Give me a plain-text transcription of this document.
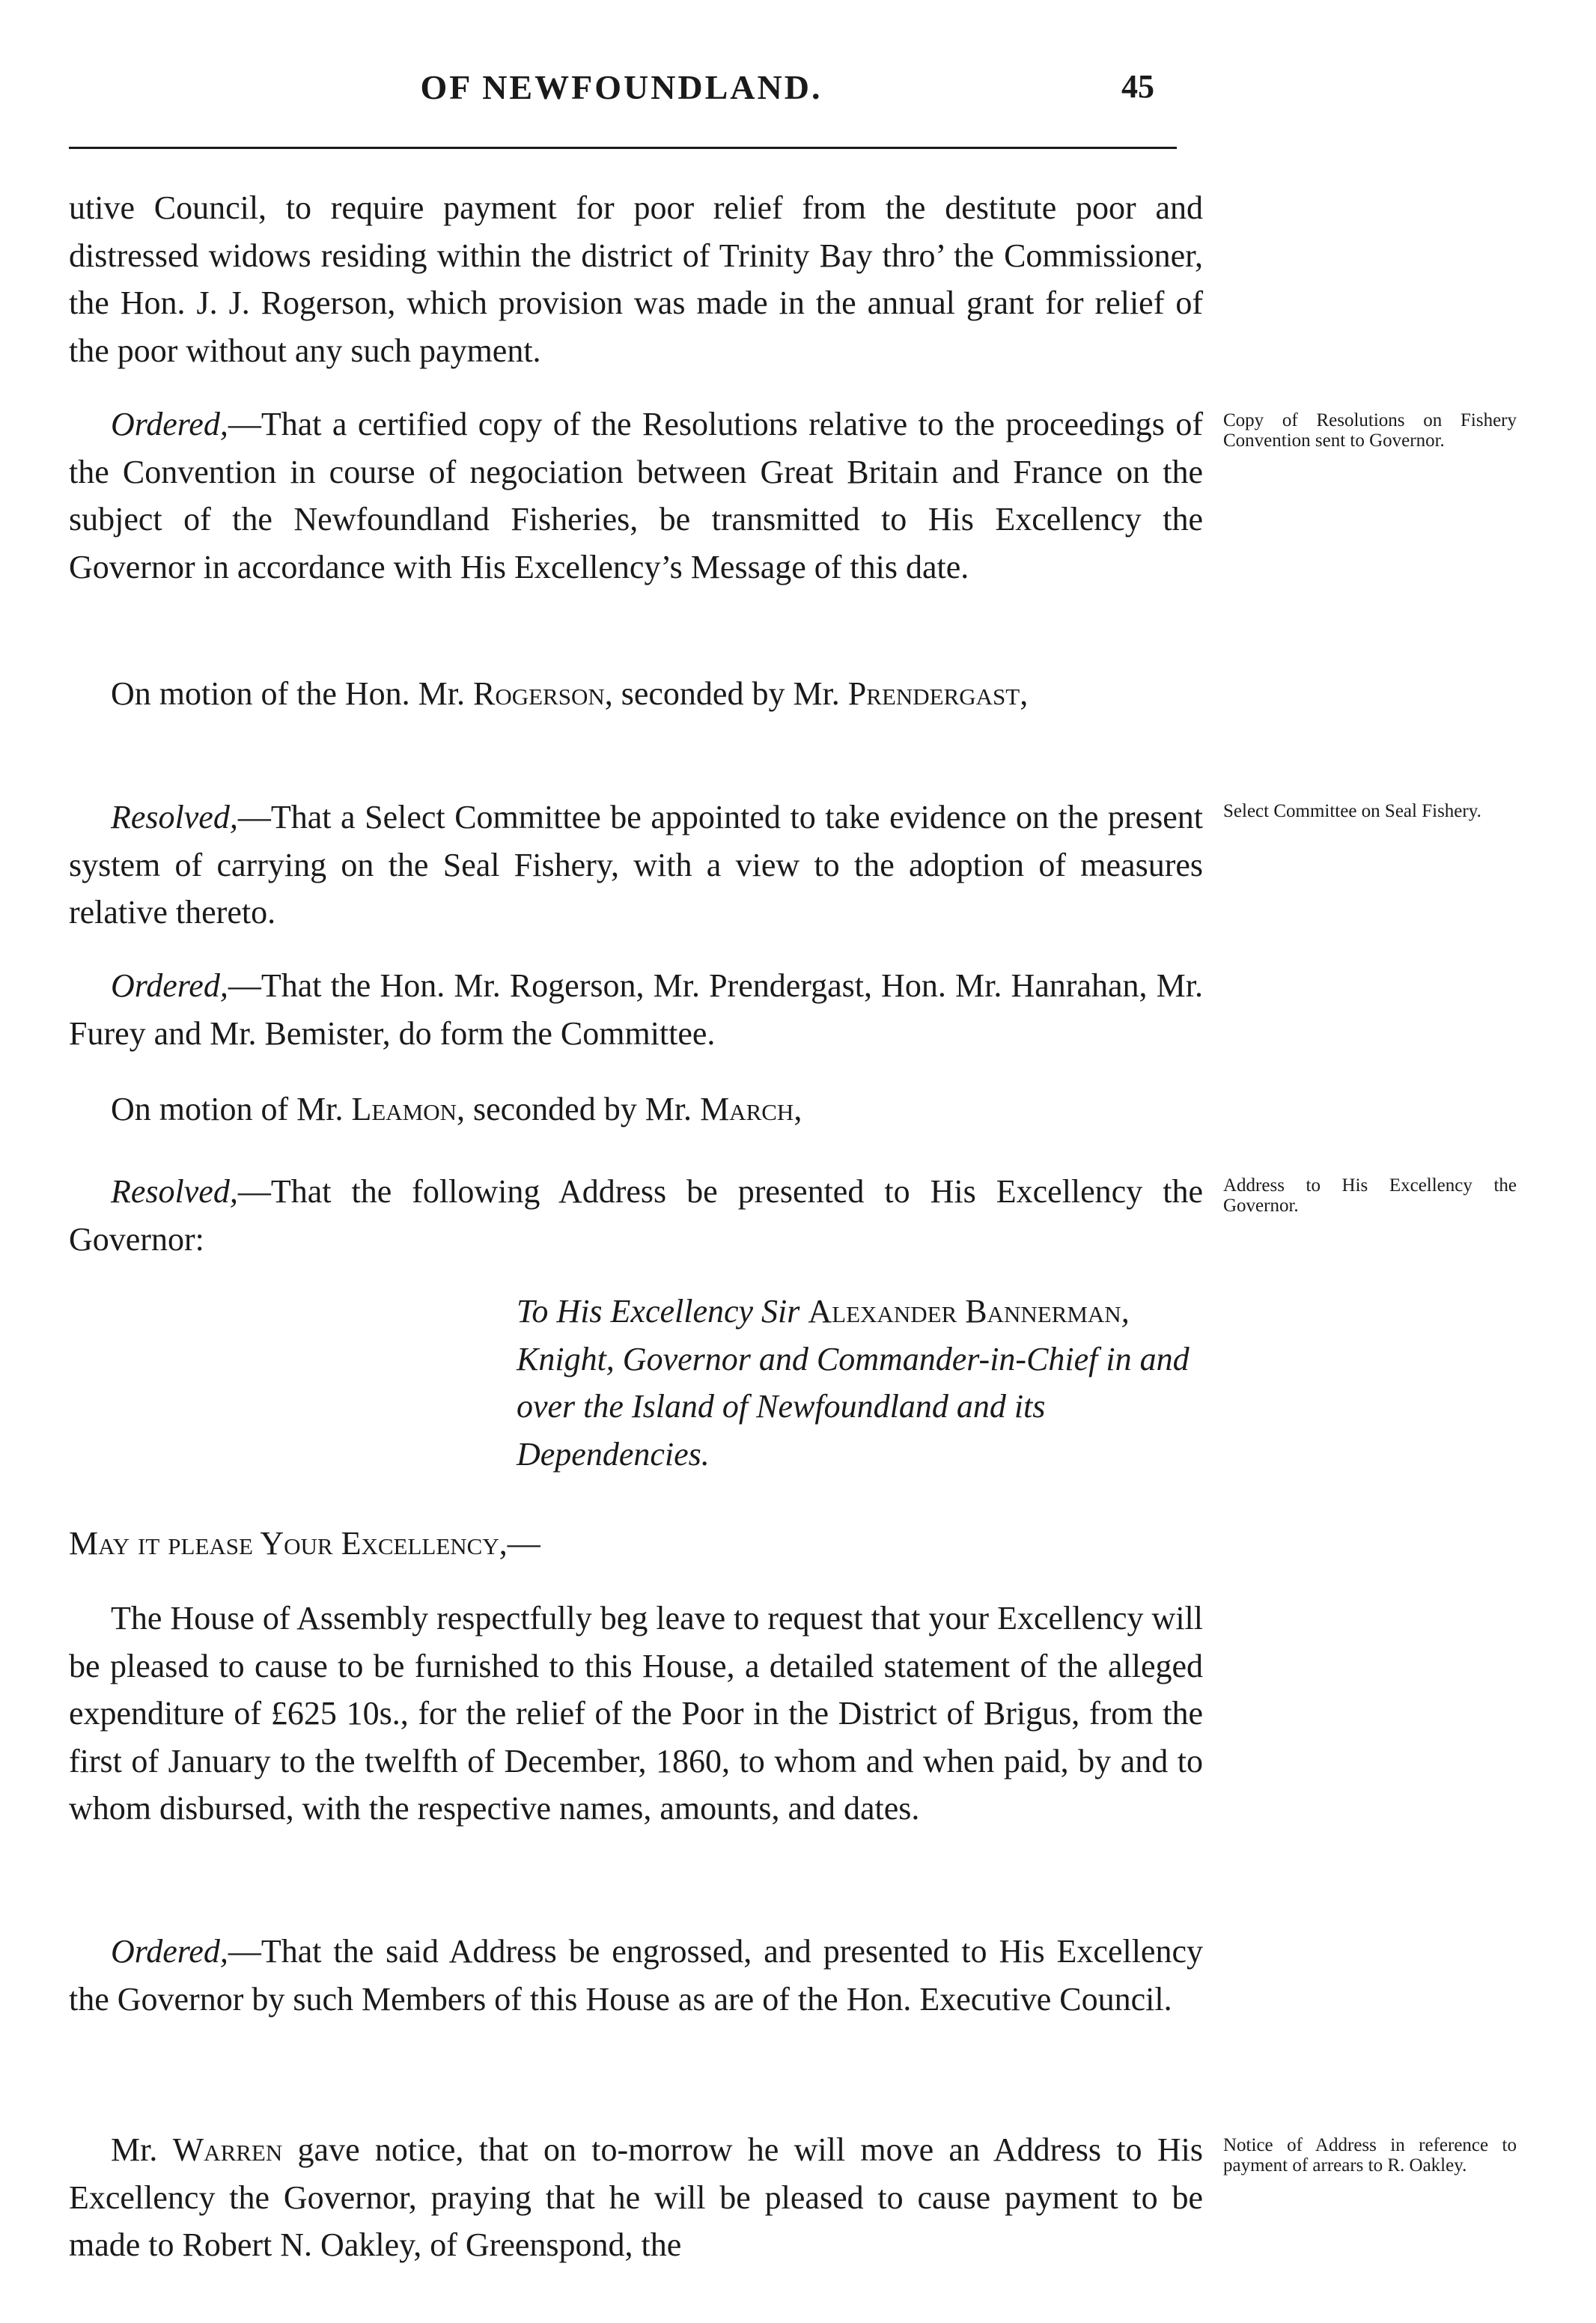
OF NEWFOUNDLAND.	45

utive Council, to require payment for poor relief from the destitute poor and distressed widows residing within the district of Trinity Bay thro’ the Commissioner, the Hon. J. J. Rogerson, which provision was made in the annual grant for relief of the poor without any such payment.

Ordered,—That a certified copy of the Resolutions relative to the proceedings of the Convention in course of negociation between Great Britain and France on the subject of the Newfoundland Fisheries, be transmitted to His Excellency the Governor in accordance with His Excellency’s Message of this date.

On motion of the Hon. Mr. Rogerson, seconded by Mr. Prendergast,

Resolved,—That a Select Committee be appointed to take evidence on the present system of carrying on the Seal Fishery, with a view to the adoption of measures relative thereto.

Ordered,—That the Hon. Mr. Rogerson, Mr. Prendergast, Hon. Mr. Hanrahan, Mr. Furey and Mr. Bemister, do form the Committee.

On motion of Mr. Leamon, seconded by Mr. March,

Resolved,—That the following Address be presented to His Excellency the Governor:

To His Excellency Sir Alexander Bannerman, Knight, Governor and Commander-in-Chief in and over the Island of Newfoundland and its Dependencies.

May it please Your Excellency,—

The House of Assembly respectfully beg leave to request that your Excellency will be pleased to cause to be furnished to this House, a detailed statement of the alleged expenditure of £625 10s., for the relief of the Poor in the District of Brigus, from the first of January to the twelfth of December, 1860, to whom and when paid, by and to whom disbursed, with the respective names, amounts, and dates.

Ordered,—That the said Address be engrossed, and presented to His Excellency the Governor by such Members of this House as are of the Hon. Executive Council.

Mr. Warren gave notice, that on to-morrow he will move an Address to His Excellency the Governor, praying that he will be pleased to cause payment to be made to Robert N. Oakley, of Greenspond, the

Copy of Resolutions on Fishery Convention sent to Governor.
Select Committee on Seal Fishery.
Address to His Excellency the Governor.
Notice of Address in reference to payment of arrears to R. Oakley.
